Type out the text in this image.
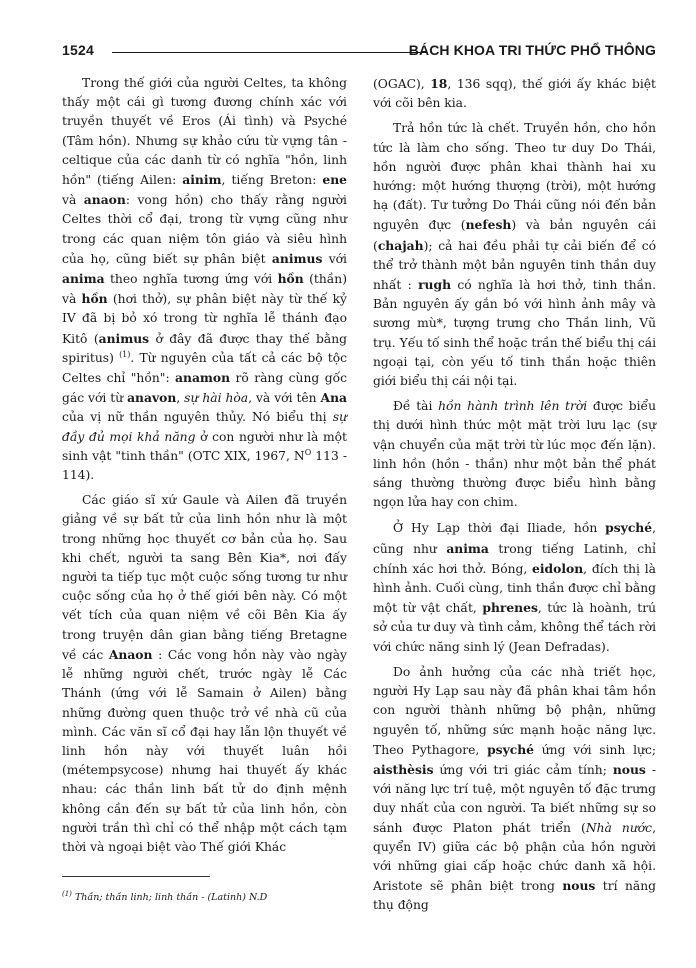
1524	BÁCH KHOA TRI THỨC PHỔ THÔNG

Trong thế giới của người Celtes, ta không thấy một cái gì tương đương chính xác với truyền thuyết về Eros (Ái tình) và Psyché (Tâm hồn). Nhưng sự khảo cứu từ vựng tân - celtique của các danh từ có nghĩa "hồn, linh hồn" (tiếng Ailen: ainim, tiếng Breton: ene và anaon: vong hồn) cho thấy rằng người Celtes thời cổ đại, trong từ vựng cũng như trong các quan niệm tôn giáo và siêu hình của họ, cũng biết sự phân biệt animus với anima theo nghĩa tương ứng với hồn (thần) và hồn (hơi thở), sự phân biệt này từ thế kỷ IV đã bị bỏ xó trong từ nghĩa lễ thánh đạo Kitô (animus ở đây đã được thay thế bằng spiritus) $^{(1)}$. Từ nguyên của tất cả các bộ tộc Celtes chỉ "hồn": anamon rõ ràng cùng gốc gác với từ anavon, sự hài hòa, và với tên Ana của vị nữ thần nguyên thủy. Nó biểu thị sự đầy đủ mọi khả năng ở con người như là một sinh vật "tinh thần" (OTC XIX, 1967, $N^O$ 113 - 114).

Các giáo sĩ xứ Gaule và Ailen đã truyền giảng về sự bất tử của linh hồn như là một trong những học thuyết cơ bản của họ. Sau khi chết, người ta sang Bên Kia*, nơi đấy người ta tiếp tục một cuộc sống tương tư như cuộc sống của họ ở thế giới bên này. Có một vết tích của quan niệm về cõi Bên Kia ấy trong truyện dân gian bằng tiếng Bretagne về các Anaon : Các vong hồn này vào ngày lễ những người chết, trước ngày lễ Các Thánh (ứng với lễ Samain ở Ailen) bằng những đường quen thuộc trở về nhà cũ của mình. Các văn sĩ cổ đại hay lẫn lộn thuyết về linh hồn này với thuyết luân hồi (métempsycose) nhưng hai thuyết ấy khác nhau: các thần linh bất tử do định mệnh không cần đến sự bất tử của linh hồn, còn người trần thì chỉ có thể nhập một cách tạm thời và ngoại biệt vào Thế giới Khác

(OGAC), 18, 136 sqq), thế giới ấy khác biệt với cõi bên kia.

Trả hồn tức là chết. Truyền hồn, cho hồn tức là làm cho sống. Theo tư duy Do Thái, hồn người được phân khai thành hai xu hướng: một hướng thượng (trời), một hướng hạ (đất). Tư tưởng Do Thái cũng nói đến bản nguyên đực (nefesh) và bản nguyên cái (chajah); cả hai đều phải tự cải biến để có thể trở thành một bản nguyên tinh thần duy nhất : rugh có nghĩa là hơi thở, tinh thần. Bản nguyên ấy gắn bó với hình ảnh mây và sương mù*, tượng trưng cho Thần linh, Vũ trụ. Yếu tố sinh thể hoặc trần thế biểu thị cái ngoại tại, còn yếu tố tinh thần hoặc thiên giới biểu thị cái nội tại.

Đề tài hồn hành trình lên trời được biểu thị dưới hình thức một mặt trời lưu lạc (sự vận chuyển của mặt trời từ lúc mọc đến lặn). linh hồn (hồn - thần) như một bản thể phát sáng thường thường được biểu hình bằng ngọn lửa hay con chim.

Ở Hy Lạp thời đại Iliade, hồn psyché, cũng như anima trong tiếng Latinh, chỉ chính xác hơi thở. Bóng, eidolon, đích thị là hình ảnh. Cuối cùng, tinh thần được chỉ bằng một từ vật chất, phrenes, tức là hoành, trú sở của tư duy và tình cảm, không thể tách rời với chức năng sinh lý (Jean Defradas).

Do ảnh hưởng của các nhà triết học, người Hy Lạp sau này đã phân khai tâm hồn con người thành những bộ phận, những nguyên tố, những sức mạnh hoặc năng lực. Theo Pythagore, psyché ứng với sinh lực; aisthèsis ứng với tri giác cảm tính; nous - với năng lực trí tuệ, một nguyên tố đặc trưng duy nhất của con người. Ta biết những sự so sánh được Platon phát triển (Nhà nước, quyển IV) giữa các bộ phận của hồn người với những giai cấp hoặc chức danh xã hội. Aristote sẽ phân biệt trong nous trí năng thụ động

$^{(1)}$ Thần; thần linh; linh thần - (Latinh) N.D
